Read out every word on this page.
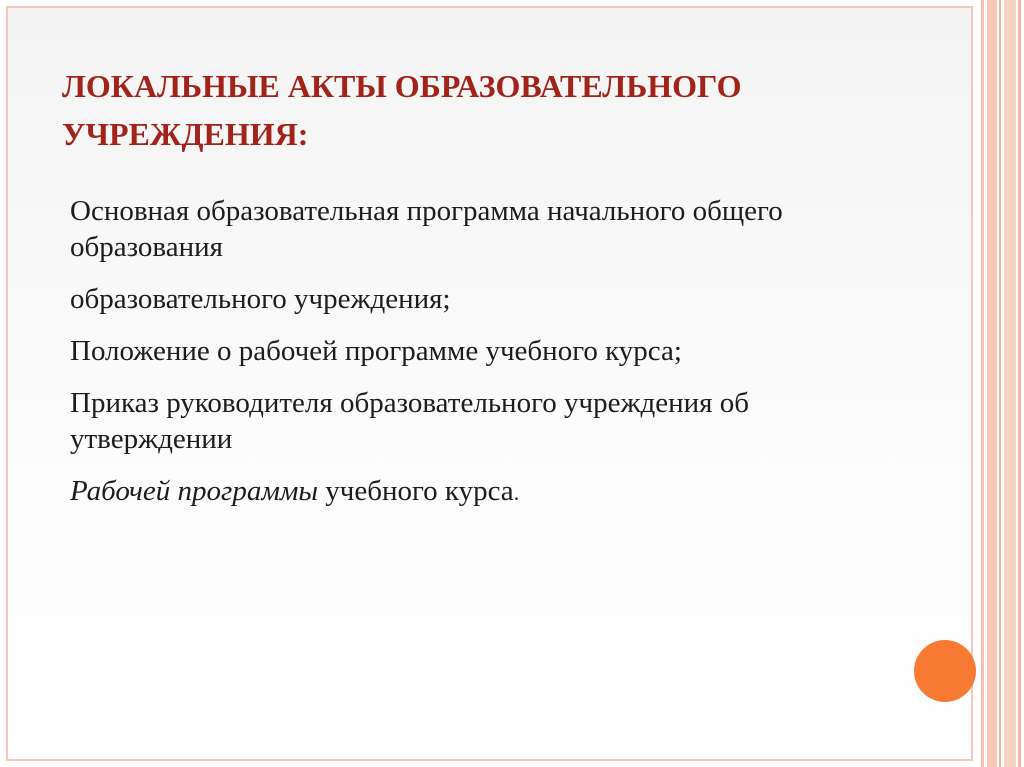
ЛОКАЛЬНЫЕ АКТЫ ОБРАЗОВАТЕЛЬНОГО
УЧРЕЖДЕНИЯ:

Основная образовательная программа начального общего образования

образовательного учреждения;

Положение о рабочей программе учебного курса;

Приказ руководителя образовательного учреждения об утверждении

Рабочей программы учебного курса.
